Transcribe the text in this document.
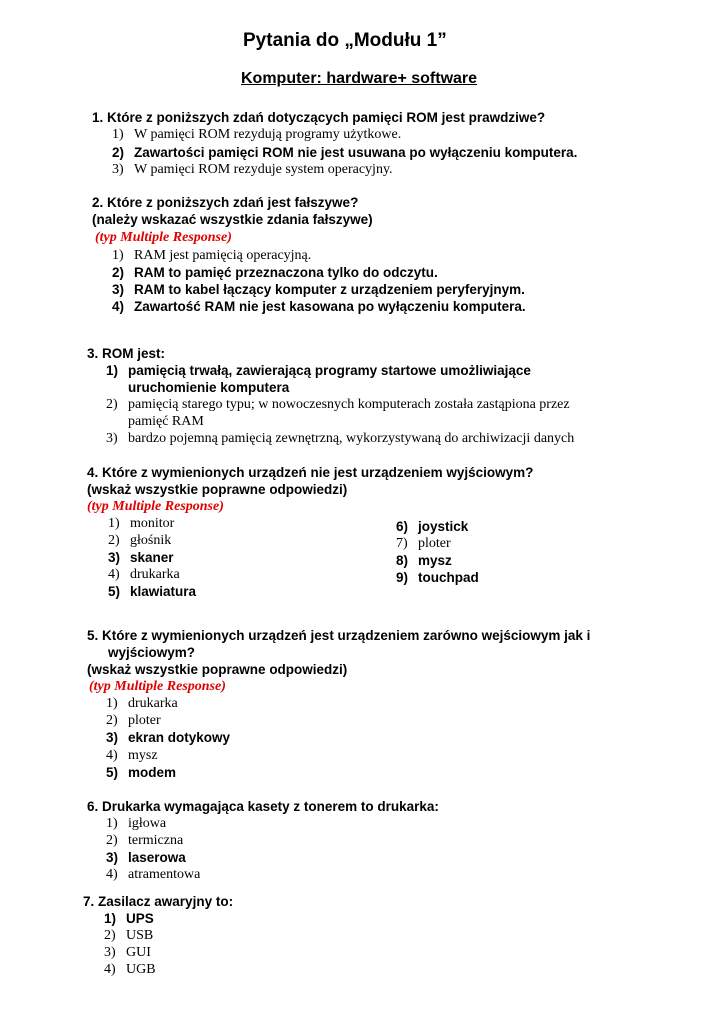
Pytania do „Modułu 1”
Komputer: hardware+ software
1. Które z poniższych zdań dotyczących pamięci ROM jest prawdziwe?
1) W pamięci ROM rezydują programy użytkowe.
2) Zawartości pamięci ROM nie jest usuwana po wyłączeniu komputera.
3) W pamięci ROM rezyduje system operacyjny.
2. Które z poniższych zdań jest fałszywe?
(należy wskazać wszystkie zdania fałszywe)
(typ Multiple Response)
1) RAM jest pamięcią operacyjną.
2) RAM to pamięć przeznaczona tylko do odczytu.
3) RAM to kabel łączący komputer z urządzeniem peryferyjnym.
4) Zawartość RAM nie jest kasowana po wyłączeniu komputera.
3. ROM jest:
1) pamięcią trwałą, zawierającą programy startowe umożliwiające
uruchomienie komputera
2) pamięcią starego typu; w nowoczesnych komputerach została zastąpiona przez
pamięć RAM
3) bardzo pojemną pamięcią zewnętrzną, wykorzystywaną do archiwizacji danych
4. Które z wymienionych urządzeń nie jest urządzeniem wyjściowym?
(wskaż wszystkie poprawne odpowiedzi)
(typ Multiple Response)
1) monitor
2) głośnik
3) skaner
4) drukarka
5) klawiatura
6) joystick
7) ploter
8) mysz
9) touchpad
5. Które z wymienionych urządzeń jest urządzeniem zarówno wejściowym jak i
wyjściowym?
(wskaż wszystkie poprawne odpowiedzi)
(typ Multiple Response)
1) drukarka
2) ploter
3) ekran dotykowy
4) mysz
5) modem
6. Drukarka wymagająca kasety z tonerem to drukarka:
1) igłowa
2) termiczna
3) laserowa
4) atramentowa
7. Zasilacz awaryjny to:
1) UPS
2) USB
3) GUI
4) UGB
